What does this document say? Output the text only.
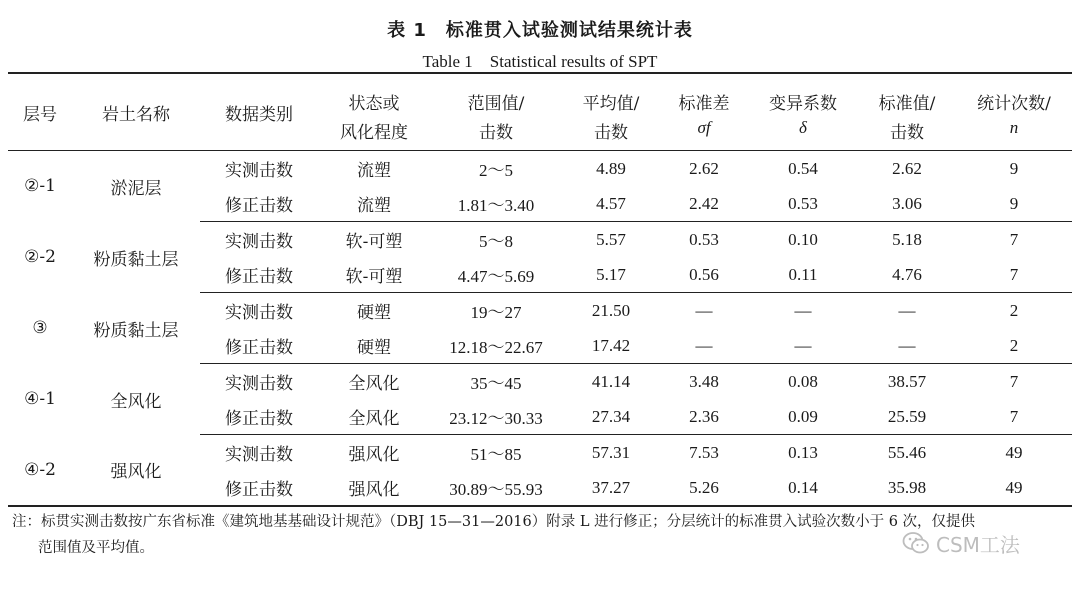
表 1　标准贯入试验测试结果统计表
Table 1　Statistical results of SPT
层号	岩土名称	数据类别	状态或	范围值/	平均值/	标准差	变异系数	标准值/	统计次数/
			风化程度	击数	击数	σf	δ	击数	n
②-1	淤泥层	实测击数	流塑	2～5	4.89	2.62	0.54	2.62	9
		修正击数	流塑	1.81～3.40	4.57	2.42	0.53	3.06	9
②-2	粉质黏土层	实测击数	软-可塑	5～8	5.57	0.53	0.10	5.18	7
		修正击数	软-可塑	4.47～5.69	5.17	0.56	0.11	4.76	7
③	粉质黏土层	实测击数	硬塑	19～27	21.50	—	—	—	2
		修正击数	硬塑	12.18～22.67	17.42	—	—	—	2
④-1	全风化	实测击数	全风化	35～45	41.14	3.48	0.08	38.57	7
		修正击数	全风化	23.12～30.33	27.34	2.36	0.09	25.59	7
④-2	强风化	实测击数	强风化	51～85	57.31	7.53	0.13	55.46	49
		修正击数	强风化	30.89～55.93	37.27	5.26	0.14	35.98	49
注：标贯实测击数按广东省标准《建筑地基基础设计规范》（DBJ 15—31—2016）附录 L 进行修正；分层统计的标准贯入试验次数小于 6 次，仅提供
范围值及平均值。	CSM工法
